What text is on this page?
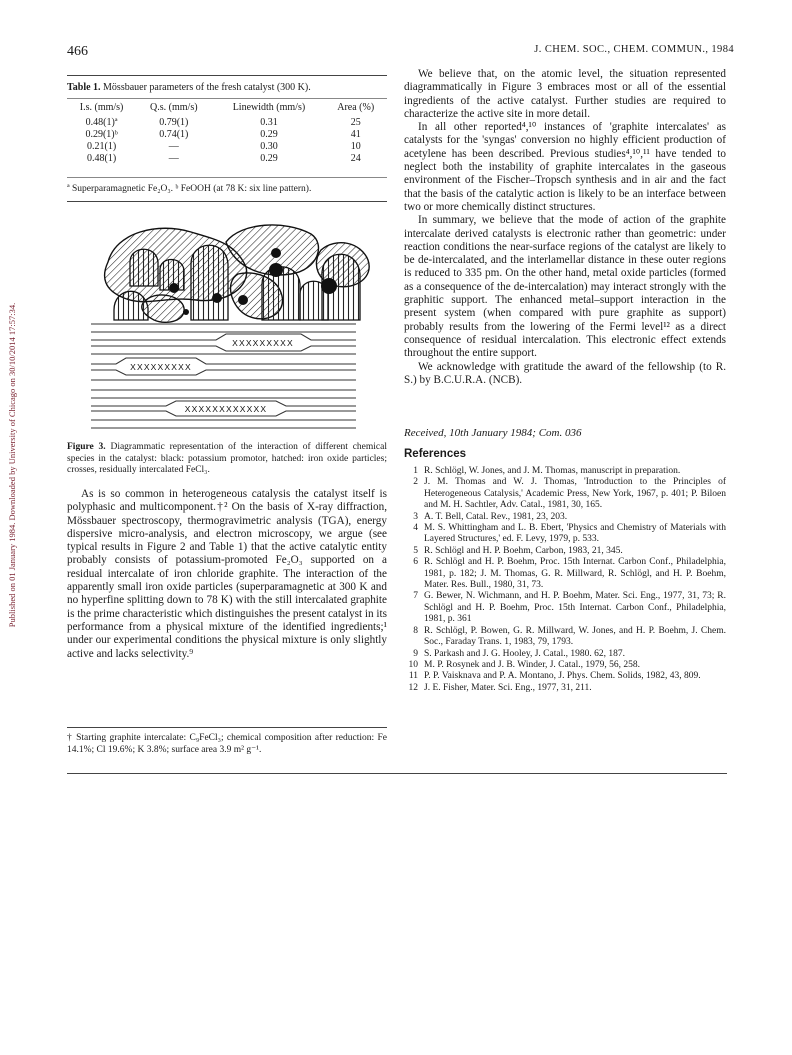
Published on 01 January 1984. Downloaded by University of Chicago on 30/10/2014 17:57:34.
466	J. CHEM. SOC., CHEM. COMMUN., 1984
Table 1. Mössbauer parameters of the fresh catalyst (300 K).
I.s. (mm/s)	Q.s. (mm/s)	Linewidth (mm/s)	Area (%)
0.48(1)ª	0.79(1)	0.31	25
0.29(1)ᵇ	0.74(1)	0.29	41
0.21(1)	—	0.30	10
0.48(1)	—	0.29	24
ª Superparamagnetic Fe₂O₃. ᵇ FeOOH (at 78 K: six line pattern).
XXXXXXXXX
XXXXXXXXX
XXXXXXXXXXXX
Figure 3. Diagrammatic representation of the interaction of different chemical species in the catalyst: black: potassium promotor, hatched: iron oxide particles; crosses, residually intercalated FeCl₃.

As is so common in heterogeneous catalysis the catalyst itself is polyphasic and multicomponent.†² On the basis of X-ray diffraction, Mössbauer spectroscopy, thermogravimetric analysis (TGA), energy dispersive micro-analysis, and electron microscopy, we argue (see typical results in Figure 2 and Table 1) that the active catalytic entity probably consists of potassium-promoted Fe₂O₃ supported on a residual intercalate of iron chloride graphite. The interaction of the apparently small iron oxide particles (superparamagnetic at 300 K and no hyperfine splitting down to 78 K) with the still intercalated graphite is the prime characteristic which distinguishes the present catalyst in its performance from a physical mixture of the identified ingredients;¹ under our experimental conditions the physical mixture is only slightly active and lacks selectivity.⁹

† Starting graphite intercalate: C₉FeCl₃; chemical composition after reduction: Fe 14.1%; Cl 19.6%; K 3.8%; surface area 3.9 m² g⁻¹.

We believe that, on the atomic level, the situation represented diagrammatically in Figure 3 embraces most or all of the essential ingredients of the active catalyst. Further studies are required to characterize the active site in more detail.

In all other reported⁴,¹⁰ instances of 'graphite intercalates' as catalysts for the 'syngas' conversion no highly efficient production of acetylene has been described. Previous studies⁴,¹⁰,¹¹ have tended to neglect both the instability of graphite intercalates in the gaseous environment of the Fischer–Tropsch synthesis and in air and the fact that the basis of the catalytic action is likely to be an interface between two or more chemically distinct structures.

In summary, we believe that the mode of action of the graphite intercalate derived catalysts is electronic rather than geometric: under reaction conditions the near-surface regions of the catalyst are likely to be de-intercalated, and the interlamellar distance in these outer regions is reduced to 335 pm. On the other hand, metal oxide particles (formed as a consequence of the de-intercalation) may interact strongly with the graphitic support. The enhanced metal–support interaction in the present system (when compared with pure graphite as support) probably results from the lowering of the Fermi level¹² as a direct consequence of residual intercalation. This electronic effect extends throughout the entire support.

We acknowledge with gratitude the award of the fellowship (to R. S.) by B.C.U.R.A. (NCB).

Received, 10th January 1984; Com. 036
References
1 R. Schlögl, W. Jones, and J. M. Thomas, manuscript in preparation.
2 J. M. Thomas and W. J. Thomas, 'Introduction to the Principles of Heterogeneous Catalysis,' Academic Press, New York, 1967, p. 401; P. Biloen and M. H. Sachtler, Adv. Catal., 1981, 30, 165.
3 A. T. Bell, Catal. Rev., 1981, 23, 203.
4 M. S. Whittingham and L. B. Ebert, 'Physics and Chemistry of Materials with Layered Structures,' ed. F. Levy, 1979, p. 533.
5 R. Schlögl and H. P. Boehm, Carbon, 1983, 21, 345.
6 R. Schlögl and H. P. Boehm, Proc. 15th Internat. Carbon Conf., Philadelphia, 1981, p. 182; J. M. Thomas, G. R. Millward, R. Schlögl, and H. P. Boehm, Mater. Res. Bull., 1980, 31, 73.
7 G. Bewer, N. Wichmann, and H. P. Boehm, Mater. Sci. Eng., 1977, 31, 73; R. Schlögl and H. P. Boehm, Proc. 15th Internat. Carbon Conf., Philadelphia, 1981, p. 361
8 R. Schlögl, P. Bowen, G. R. Millward, W. Jones, and H. P. Boehm, J. Chem. Soc., Faraday Trans. 1, 1983, 79, 1793.
9 S. Parkash and J. G. Hooley, J. Catal., 1980. 62, 187.
10 M. P. Rosynek and J. B. Winder, J. Catal., 1979, 56, 258.
11 P. P. Vaisknava and P. A. Montano, J. Phys. Chem. Solids, 1982, 43, 809.
12 J. E. Fisher, Mater. Sci. Eng., 1977, 31, 211.
